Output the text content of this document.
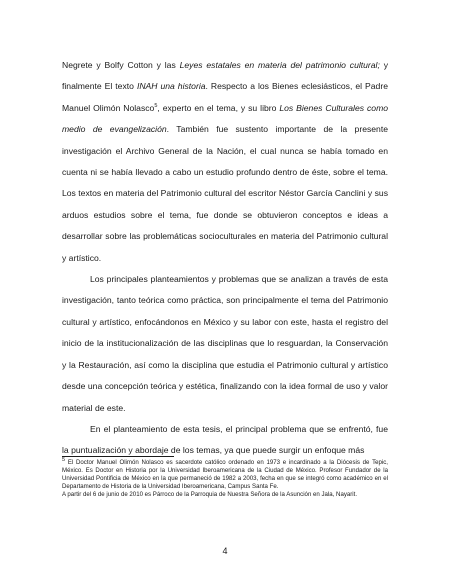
Negrete y Bolfy Cotton y las Leyes estatales en materia del patrimonio cultural; y finalmente El texto INAH una historia. Respecto a los Bienes eclesiásticos, el Padre Manuel Olimón Nolasco$^5$, experto en el tema, y su libro Los Bienes Culturales como medio de evangelización. También fue sustento importante de la presente investigación el Archivo General de la Nación, el cual nunca se había tomado en cuenta ni se había llevado a cabo un estudio profundo dentro de éste, sobre el tema. Los textos en materia del Patrimonio cultural del escritor Néstor García Canclini y sus arduos estudios sobre el tema, fue donde se obtuvieron conceptos e ideas a desarrollar sobre las problemáticas socioculturales en materia del Patrimonio cultural y artístico.

Los principales planteamientos y problemas que se analizan a través de esta investigación, tanto teórica como práctica, son principalmente el tema del Patrimonio cultural y artístico, enfocándonos en México y su labor con este, hasta el registro del inicio de la institucionalización de las disciplinas que lo resguardan, la Conservación y la Restauración, así como la disciplina que estudia el Patrimonio cultural y artístico desde una concepción teórica y estética, finalizando con la idea formal de uso y valor material de este.

En el planteamiento de esta tesis, el principal problema que se enfrentó, fue la puntualización y abordaje de los temas, ya que puede surgir un enfoque más

$^5$ El Doctor Manuel Olimón Nolasco es sacerdote católico ordenado en 1973 e incardinado a la Diócesis de Tepic, México. Es Doctor en Historia por la Universidad Iberoamericana de la Ciudad de México. Profesor Fundador de la Universidad Pontificia de México en la que permaneció de 1982 a 2003, fecha en que se integró como académico en el Departamento de Historia de la Universidad Iberoamericana, Campus Santa Fe.

A partir del 6 de junio de 2010 es Párroco de la Parroquia de Nuestra Señora de la Asunción en Jala, Nayarit.

4
